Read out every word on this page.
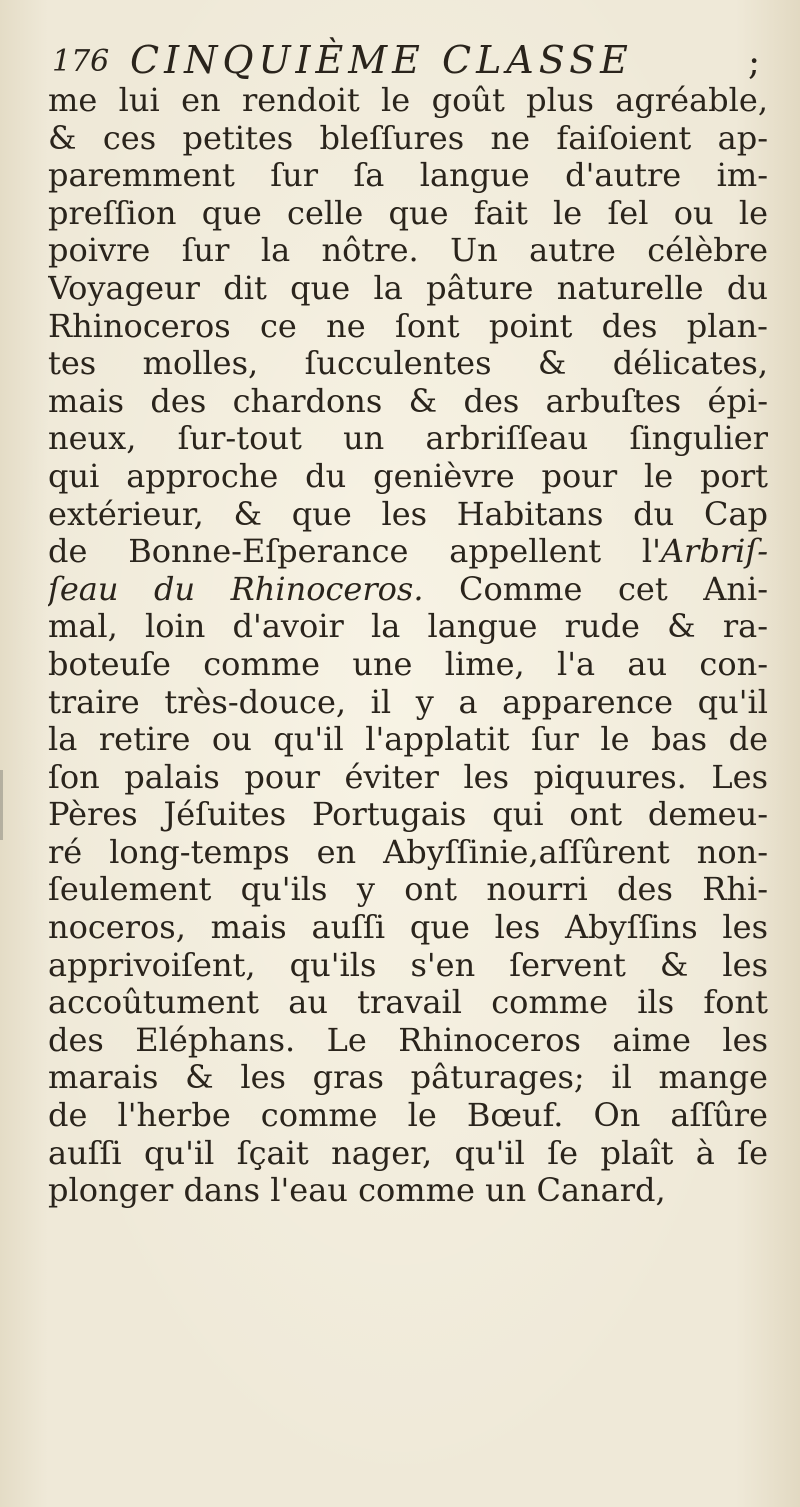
176 CINQUIÈME CLASSE	;
me lui en rendoit le goût plus agréable,
& ces petites bleſſures ne faiſoient ap-
paremment ſur ſa langue d'autre im-
preſſion que celle que fait le ſel ou le
poivre ſur la nôtre. Un autre célèbre
Voyageur dit que la pâture naturelle du
Rhinoceros ce ne ſont point des plan-
tes molles, ſucculentes & délicates,
mais des chardons & des arbuſtes épi-
neux, ſur-tout un arbriſſeau ſingulier
qui approche du genièvre pour le port
extérieur, & que les Habitans du Cap
de Bonne-Eſperance appellent l'Arbriſ-
ſeau du Rhinoceros. Comme cet Ani-
mal, loin d'avoir la langue rude & ra-
boteuſe comme une lime, l'a au con-
traire très-douce, il y a apparence qu'il
la retire ou qu'il l'applatit ſur le bas de
ſon palais pour éviter les piquures. Les
Pères Jéſuites Portugais qui ont demeu-
ré long-temps en Abyſſinie,aſſûrent non-
ſeulement qu'ils y ont nourri des Rhi-
noceros, mais auſſi que les Abyſſins les
apprivoiſent, qu'ils s'en ſervent & les
accoûtument au travail comme ils font
des Eléphans. Le Rhinoceros aime les
marais & les gras pâturages; il mange
de l'herbe comme le Bœuf. On aſſûre
auſſi qu'il ſçait nager, qu'il ſe plaît à ſe
plonger dans l'eau comme un Canard,
